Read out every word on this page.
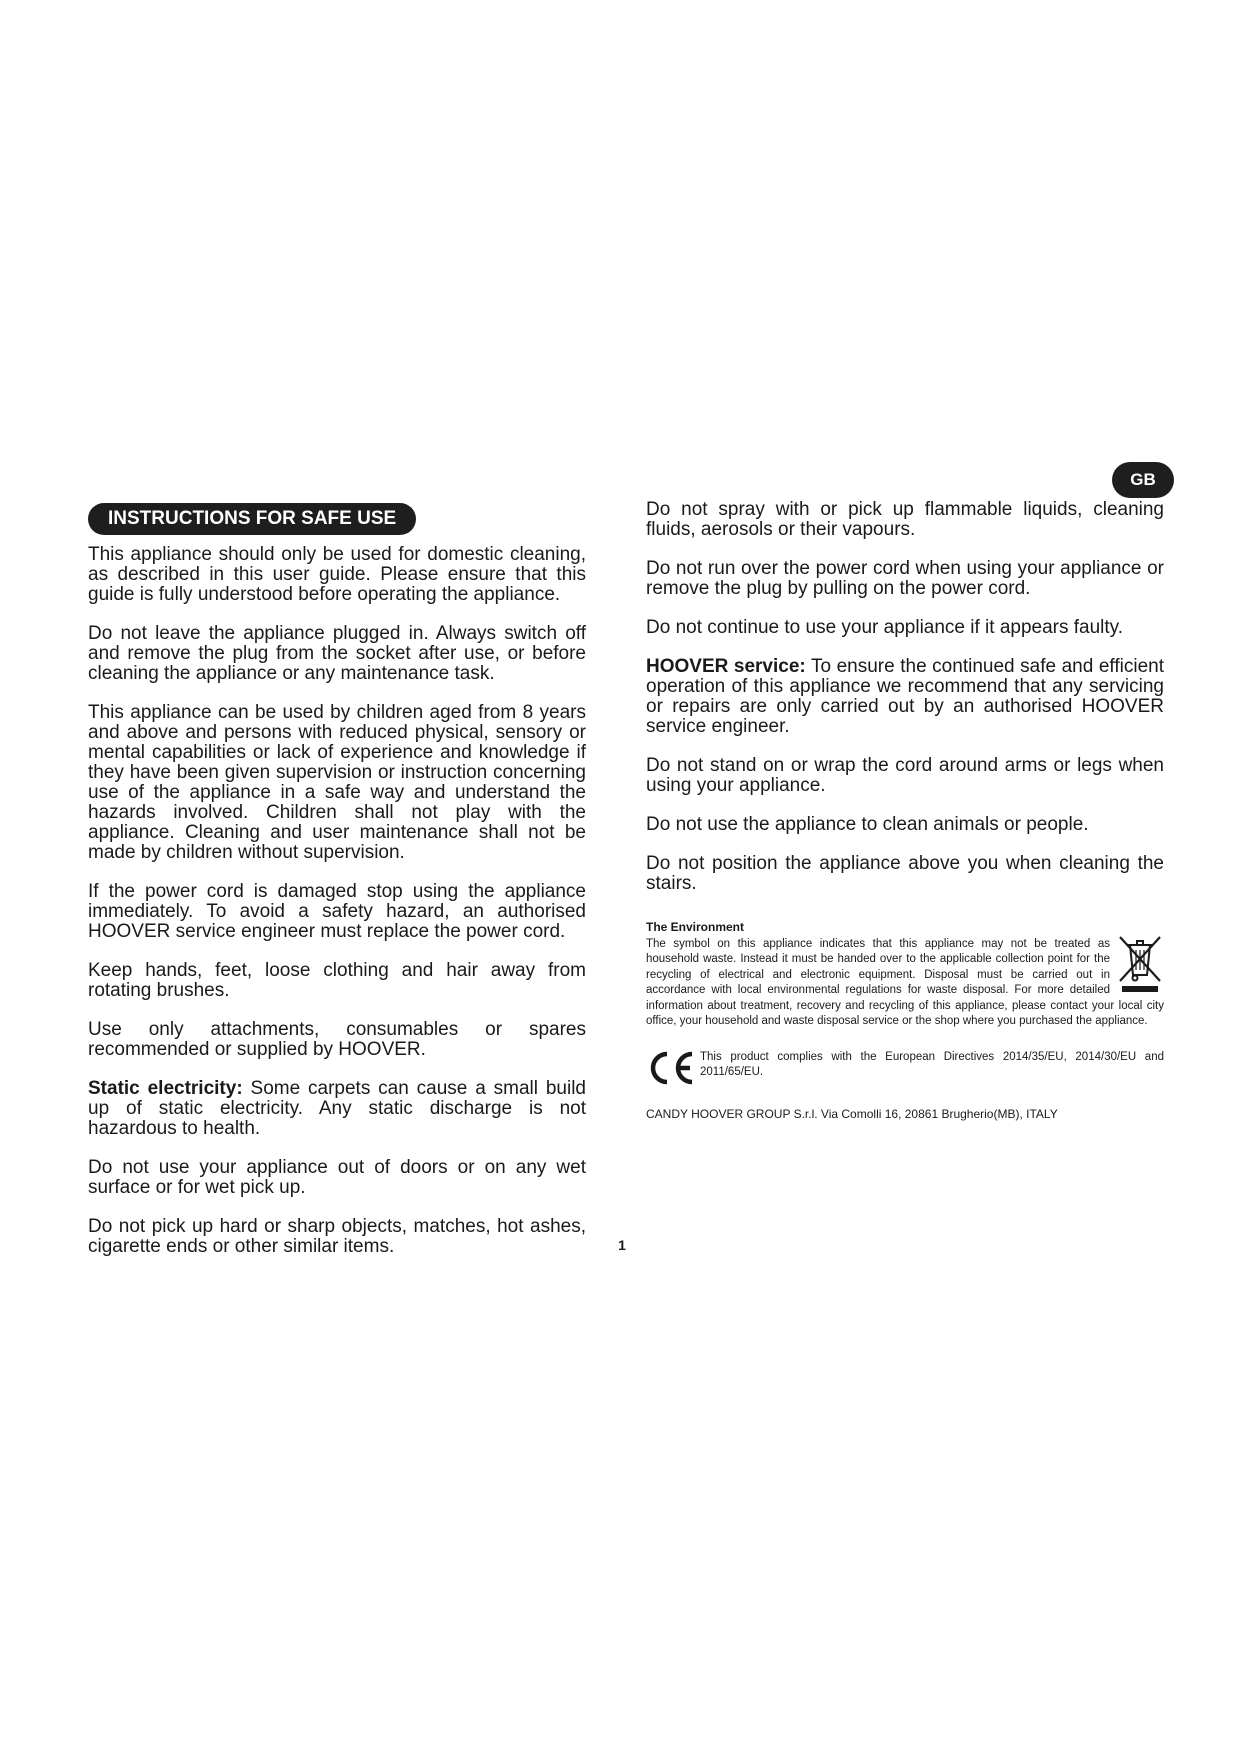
GB
INSTRUCTIONS FOR SAFE USE

This appliance should only be used for domestic cleaning, as described in this user guide. Please ensure that this guide is fully understood before operating the appliance.

Do not leave the appliance plugged in. Always switch off and remove the plug from the socket after use, or before cleaning the appliance or any maintenance task.

This appliance can be used by children aged from 8 years and above and persons with reduced physical, sensory or mental capabilities or lack of experience and knowledge if they have been given supervision or instruction concerning use of the appliance in a safe way and understand the hazards involved. Children shall not play with the appliance. Cleaning and user maintenance shall not be made by children without supervision.

If the power cord is damaged stop using the appliance immediately. To avoid a safety hazard, an authorised HOOVER service engineer must replace the power cord.

Keep hands, feet, loose clothing and hair away from rotating brushes.

Use only attachments, consumables or spares recommended or supplied by HOOVER.

Static electricity: Some carpets can cause a small build up of static electricity. Any static discharge is not hazardous to health.

Do not use your appliance out of doors or on any wet surface or for wet pick up.

Do not pick up hard or sharp objects, matches, hot ashes, cigarette ends or other similar items.

Do not spray with or pick up flammable liquids, cleaning fluids, aerosols or their vapours.

Do not run over the power cord when using your appliance or remove the plug by pulling on the power cord.

Do not continue to use your appliance if it appears faulty.

HOOVER service: To ensure the continued safe and efficient operation of this appliance we recommend that any servicing or repairs are only carried out by an authorised HOOVER service engineer.

Do not stand on or wrap the cord around arms or legs when using your appliance.

Do not use the appliance to clean animals or people.

Do not position the appliance above you when cleaning the stairs.

The Environment
The symbol on this appliance indicates that this appliance may not be treated as household waste. Instead it must be handed over to the applicable collection point for the recycling of electrical and electronic equipment. Disposal must be carried out in accordance with local environmental regulations for waste disposal. For more detailed information about treatment, recovery and recycling of this appliance, please contact your local city office, your household and waste disposal service or the shop where you purchased the appliance.
This product complies with the European Directives 2014/35/EU, 2014/30/EU and 2011/65/EU.
CANDY HOOVER GROUP S.r.l. Via Comolli 16, 20861 Brugherio(MB), ITALY
1
